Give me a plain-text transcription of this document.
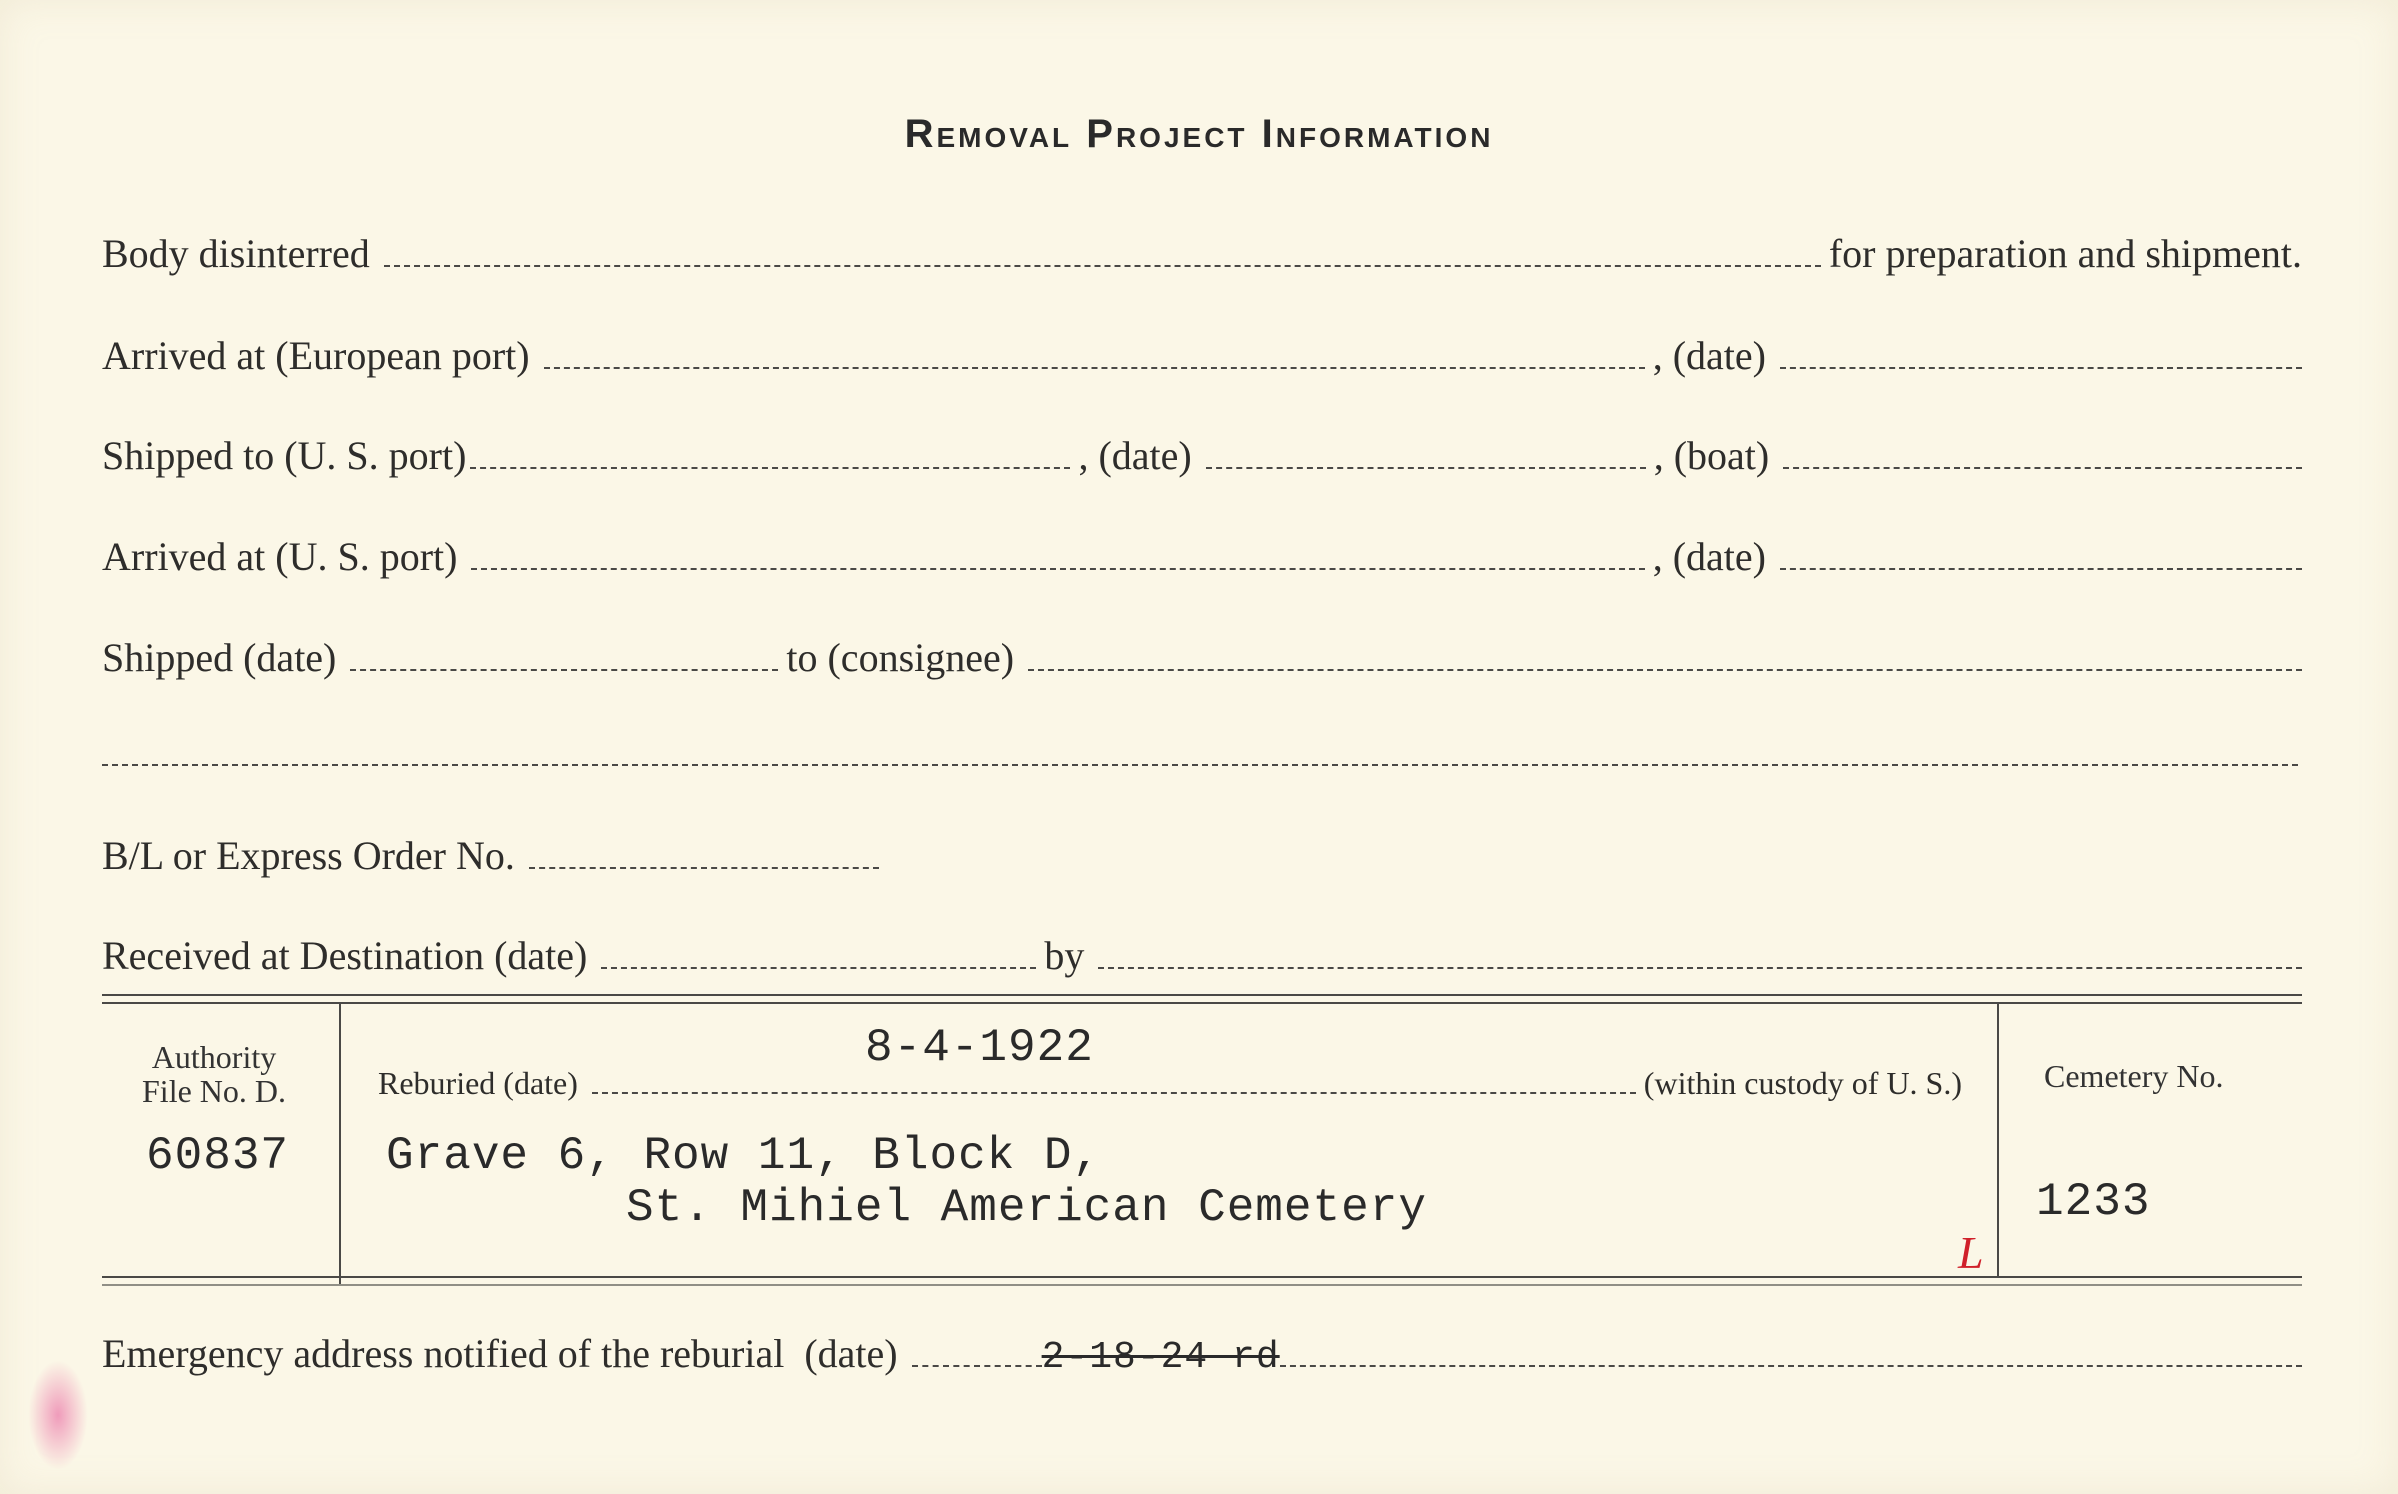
Removal Project Information
Body disinterred	for preparation and shipment.
Arrived at (European port)	, (date)
Shipped to (U. S. port)	, (date)	, (boat)
Arrived at (U. S. port)	, (date)
Shipped (date)	to (consignee)
B/L or Express Order No.
Received at Destination (date)	by
Authority
File No. D.
60837
8-4-1922
Reburied (date)	(within custody of U. S.)
Grave 6, Row 11, Block D,
St. Mihiel American Cemetery
Cemetery No.
1233
L
Emergency address notified of the reburial (date)	2-18-24 rd
